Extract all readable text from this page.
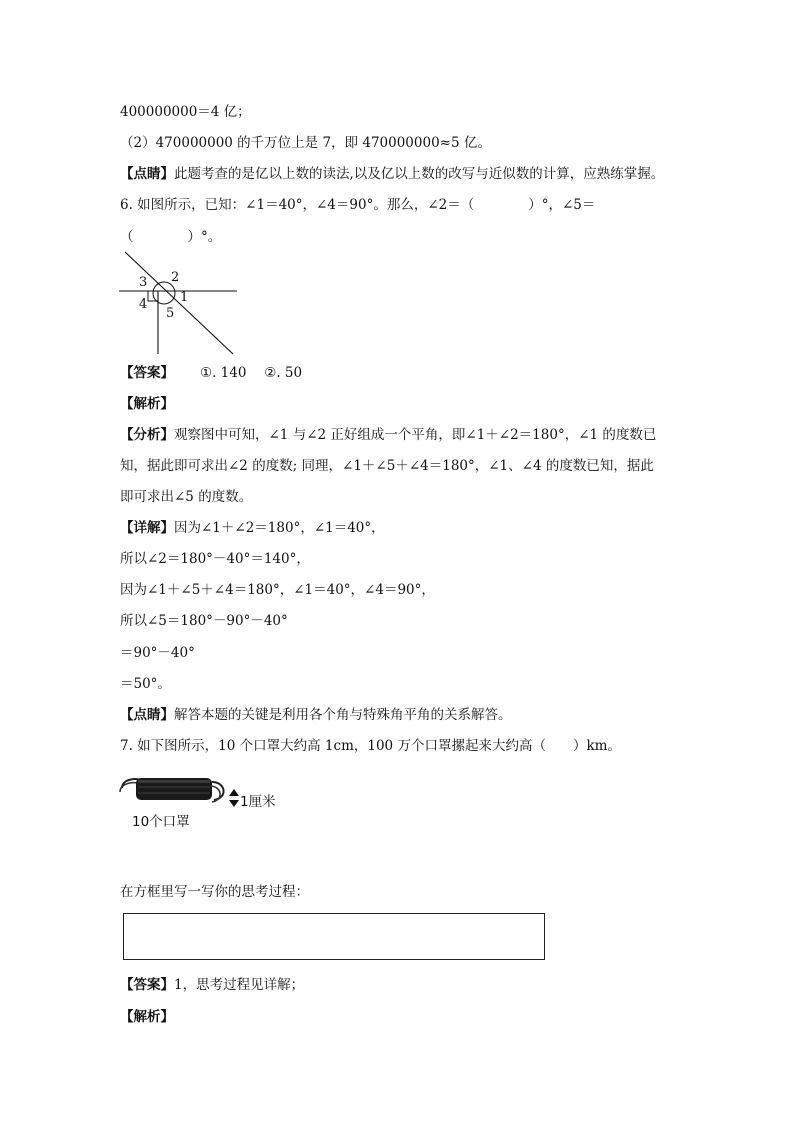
400000000＝4 亿；
（2）470000000 的千万位上是 7，即 470000000≈5 亿。
【点睛】此题考查的是亿以上数的读法,以及亿以上数的改写与近似数的计算，应熟练掌握。
6. 如图所示，已知：∠1＝40°，∠4＝90°。那么，∠2＝（　　　　）°，∠5＝
（　　　　）°。
3 2
4	1
5
【答案】 ①. 140　 ②. 50
【解析】
【分析】观察图中可知，∠1 与∠2 正好组成一个平角，即∠1＋∠2＝180°，∠1 的度数已
知，据此即可求出∠2 的度数; 同理，∠1＋∠5＋∠4＝180°，∠1、∠4 的度数已知，据此
即可求出∠5 的度数。
【详解】因为∠1＋∠2＝180°，∠1＝40°，
所以∠2＝180°－40°＝140°，
因为∠1＋∠5＋∠4＝180°，∠1＝40°，∠4＝90°，
所以∠5＝180°－90°－40°
＝90°－40°
＝50°。
【点睛】解答本题的关键是利用各个角与特殊角平角的关系解答。
7. 如下图所示，10 个口罩大约高 1cm，100 万个口罩摞起来大约高（　　）km。
1厘米
10个口罩
在方框里写一写你的思考过程：
【答案】1，思考过程见详解；
【解析】
